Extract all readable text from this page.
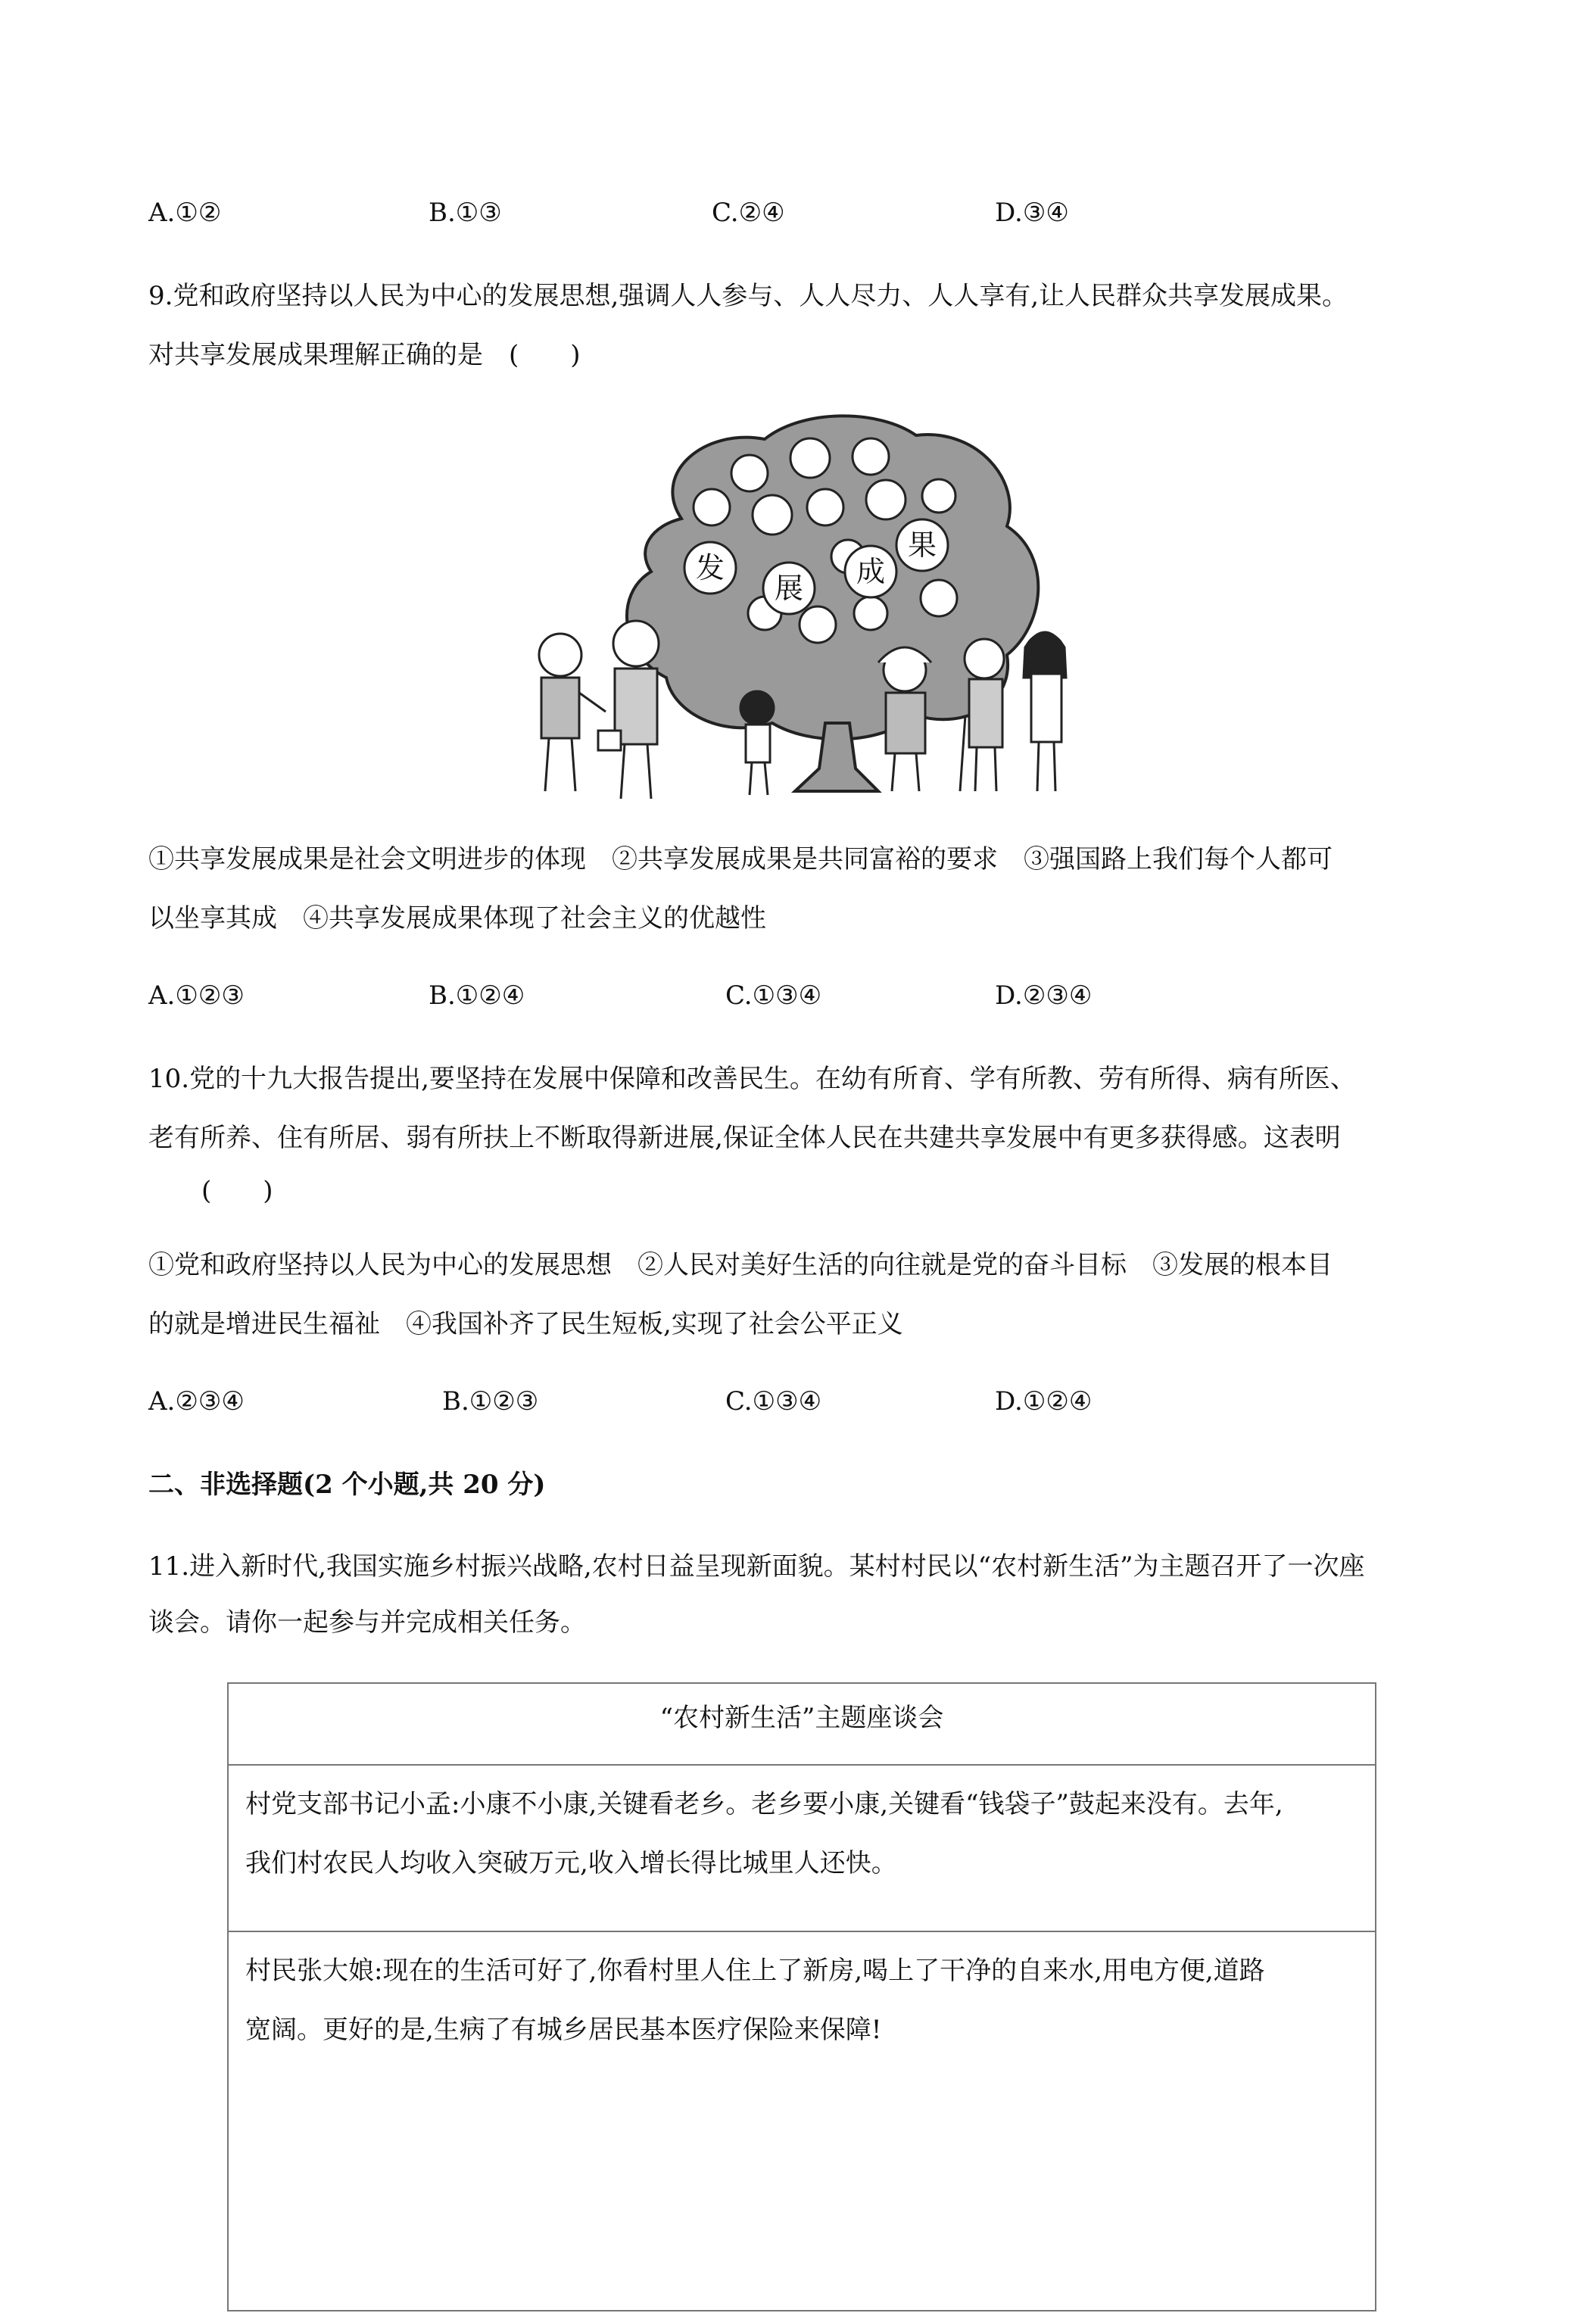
A.①②	B.①③	C.②④	D.③④
9.党和政府坚持以人民为中心的发展思想,强调人人参与、人人尽力、人人享有,让人民群众共享发展成果。
对共享发展成果理解正确的是　(　　)
发
展 成
果
①共享发展成果是社会文明进步的体现　②共享发展成果是共同富裕的要求　③强国路上我们每个人都可
以坐享其成　④共享发展成果体现了社会主义的优越性
A.①②③	B.①②④	C.①③④	D.②③④
10.党的十九大报告提出,要坚持在发展中保障和改善民生。在幼有所育、学有所教、劳有所得、病有所医、
老有所养、住有所居、弱有所扶上不断取得新进展,保证全体人民在共建共享发展中有更多获得感。这表明
(　　)
①党和政府坚持以人民为中心的发展思想　②人民对美好生活的向往就是党的奋斗目标　③发展的根本目
的就是增进民生福祉　④我国补齐了民生短板,实现了社会公平正义
A.②③④	B.①②③	C.①③④	D.①②④
二、非选择题(2 个小题,共 20 分)
11.进入新时代,我国实施乡村振兴战略,农村日益呈现新面貌。某村村民以“农村新生活”为主题召开了一次座
谈会。请你一起参与并完成相关任务。
“农村新生活”主题座谈会
村党支部书记小孟:小康不小康,关键看老乡。老乡要小康,关键看“钱袋子”鼓起来没有。去年,
我们村农民人均收入突破万元,收入增长得比城里人还快。
村民张大娘:现在的生活可好了,你看村里人住上了新房,喝上了干净的自来水,用电方便,道路
宽阔。更好的是,生病了有城乡居民基本医疗保险来保障!
